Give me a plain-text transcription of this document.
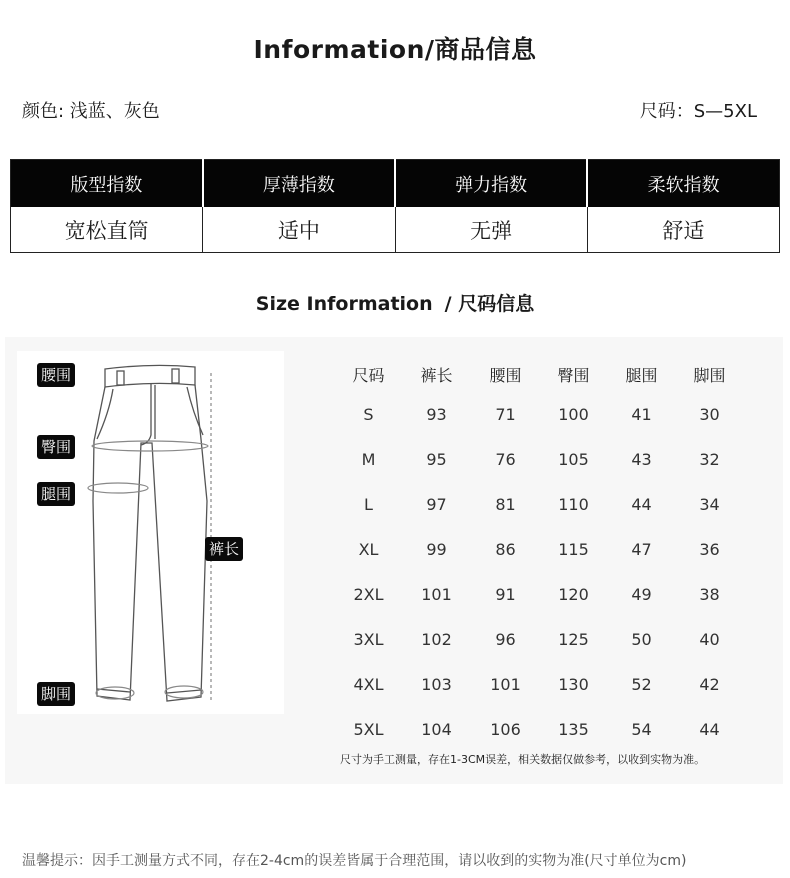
Information/商品信息
颜色: 浅蓝、灰色	尺码：S—5XL
版型指数	厚薄指数	弹力指数	柔软指数
宽松直筒	适中	无弹	舒适
Size Information / 尺码信息
腰围
臀围
腿围
裤长
脚围
尺码	裤长	腰围	臀围	腿围	脚围
S	93	71	100	41	30
M	95	76	105	43	32
L	97	81	110	44	34
XL	99	86	115	47	36
2XL	101	91	120	49	38
3XL	102	96	125	50	40
4XL	103	101	130	52	42
5XL	104	106	135	54	44
尺寸为手工测量，存在1-3CM误差，相关数据仅做参考，以收到实物为准。
温馨提示：因手工测量方式不同，存在2-4cm的误差皆属于合理范围，请以收到的实物为准(尺寸单位为cm)
